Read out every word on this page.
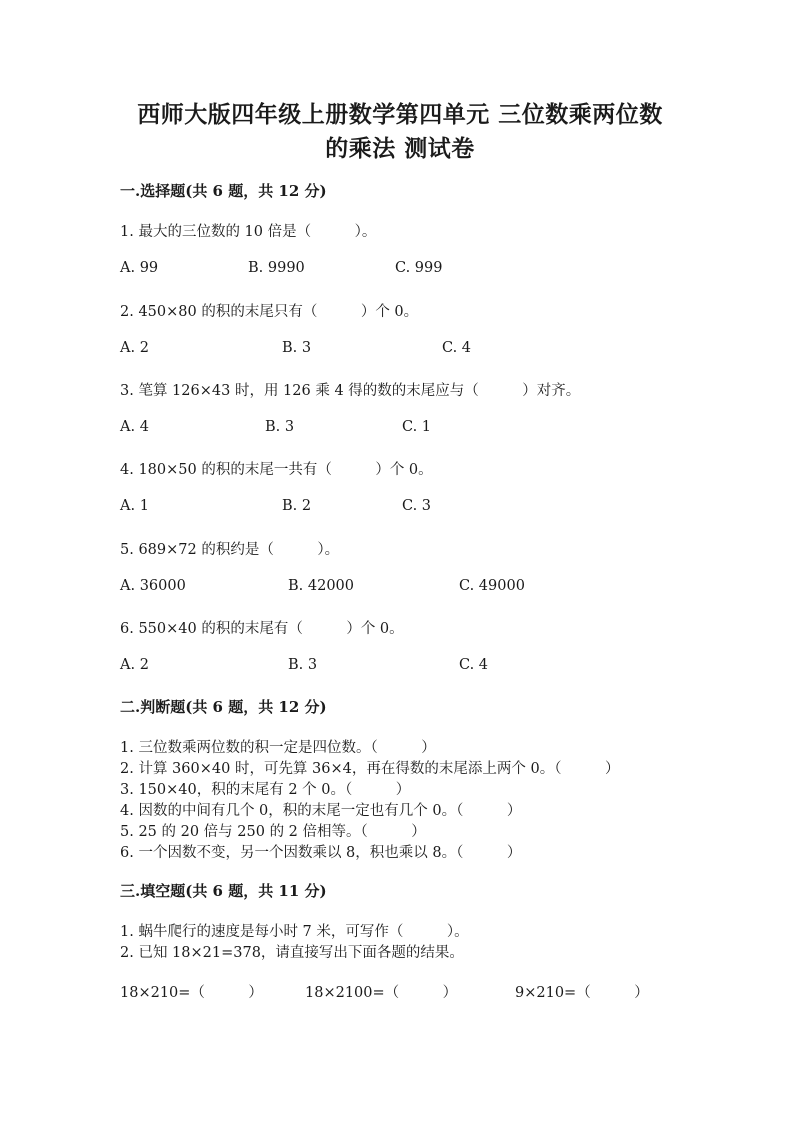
西师大版四年级上册数学第四单元 三位数乘两位数
的乘法 测试卷
一.选择题(共 6 题，共 12 分)
1. 最大的三位数的 10 倍是（　　　）。
A. 99	B. 9990	C. 999
2. 450×80 的积的末尾只有（　　　）个 0。
A. 2	B. 3	C. 4
3. 笔算 126×43 时，用 126 乘 4 得的数的末尾应与（　　　）对齐。
A. 4	B. 3	C. 1
4. 180×50 的积的末尾一共有（　　　）个 0。
A. 1	B. 2	C. 3
5. 689×72 的积约是（　　　）。
A. 36000	B. 42000	C. 49000
6. 550×40 的积的末尾有（　　　）个 0。
A. 2	B. 3	C. 4
二.判断题(共 6 题，共 12 分)
1. 三位数乘两位数的积一定是四位数。（　　　）
2. 计算 360×40 时，可先算 36×4，再在得数的末尾添上两个 0。（　　　）
3. 150×40，积的末尾有 2 个 0。（　　　）
4. 因数的中间有几个 0，积的末尾一定也有几个 0。（　　　）
5. 25 的 20 倍与 250 的 2 倍相等。（　　　）
6. 一个因数不变，另一个因数乘以 8，积也乘以 8。（　　　）
三.填空题(共 6 题，共 11 分)
1. 蜗牛爬行的速度是每小时 7 米，可写作（　　　）。
2. 已知 18×21=378，请直接写出下面各题的结果。
18×210=（　　　）	18×2100=（　　　）	9×210=（　　　）
